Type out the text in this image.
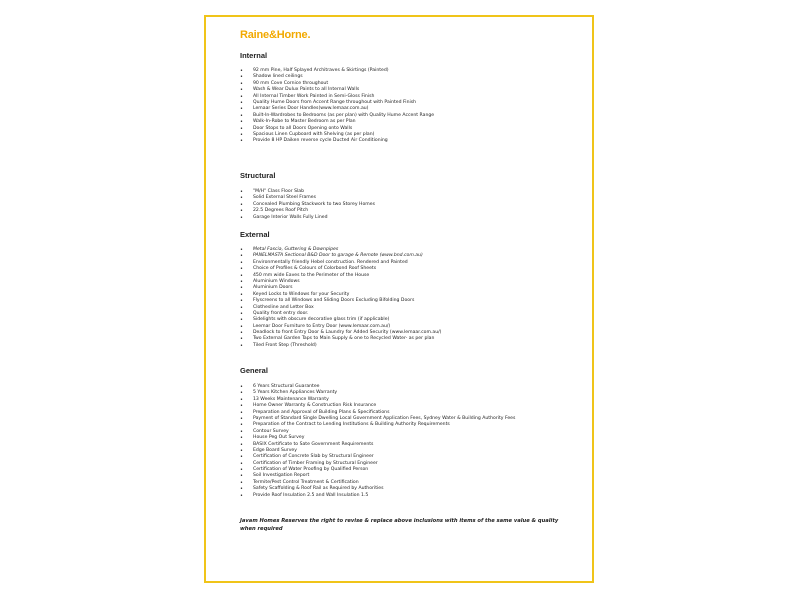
Raine&Horne.
Internal
• 92 mm Pine, Half Splayed Architraves & Skirtings (Painted)
• Shadow lined ceilings
• 90 mm Cove Cornice throughout
• Wash & Wear Dulux Paints to all Internal Walls
• All Internal Timber Work Painted in Semi-Gloss Finish
• Quality Hume Doors from Accent Range throughout with Painted Finish
• Lemaar Series Door Handles(www.lemaar.com.au)
• Built-In-Wardrobes to Bedrooms (as per plan) with Quality Hume Accent Range
• Walk-In-Robe to Master Bedroom as per Plan
• Door Stops to all Doors Opening onto Walls
• Spacious Linen Cupboard with Shelving (as per plan)
• Provide 8 HP Daiken reverse cycle Ducted Air Conditioning
Structural
• "M/H" Class Floor Slab
• Solid External Steel Frames
• Concealed Plumbing Stackwork to two Storey Homes
• 22.5 Degrees Roof Pitch
• Garage Interior Walls Fully Lined
External
• Metal Fascia, Guttering & Downpipes
• PANELMASTA Sectional B&D Door to garage & Remote (www.bnd.com.au)
• Environmentally friendly Hebel construction. Rendered and Painted
• Choice of Profiles & Colours of Colorbond Roof Sheets
• 450 mm wide Eaves to the Perimeter of the House
• Aluminium Windows
• Aluminium Doors
• Keyed Locks to Windows for your Security
• Flyscreens to all Windows and Sliding Doors Excluding Bifolding Doors
• Clothesline and Letter Box
• Quality front entry door.
• Sidelights with obscure decorative glass trim (if applicable)
• Leemar Door Furniture to Entry Door (www.lemaar.com.au/)
• Deadlock to front Entry Door & Laundry for Added Security (www.lemaar.com.au/)
• Two External Garden Taps to Main Supply & one to Recycled Water- as per plan
• Tiled Front Step (Threshold)
General
• 6 Years Structural Guarantee
• 5 Years Kitchen Appliances Warranty
• 13 Weeks Maintenance Warranty
• Home Owner Warranty & Construction Risk Insurance
• Preparation and Approval of Building Plans & Specifications
• Payment of Standard Single Dwelling Local Government Application Fees, Sydney Water & Building Authority Fees
• Preparation of the Contract to Lending Institutions & Building Authority Requirements
• Contour Survey
• House Peg Out Survey
• BASIX Certificate to Sate Government Requirements
• Edge Board Survey
• Certification of Concrete Slab by Structural Engineer
• Certification of Timber Framing by Structural Engineer
• Certification of Water Proofing by Qualified Person
• Soil Investigation Report
• Termite/Pest Control Treatment & Certification
• Safety Scaffolding & Roof Rail as Required by Authorities
• Provide Roof Insulation 2.5 and Wall Insulation 1.5
Javam Homes Reserves the right to revise & replace above inclusions with items of the same value & quality when required
